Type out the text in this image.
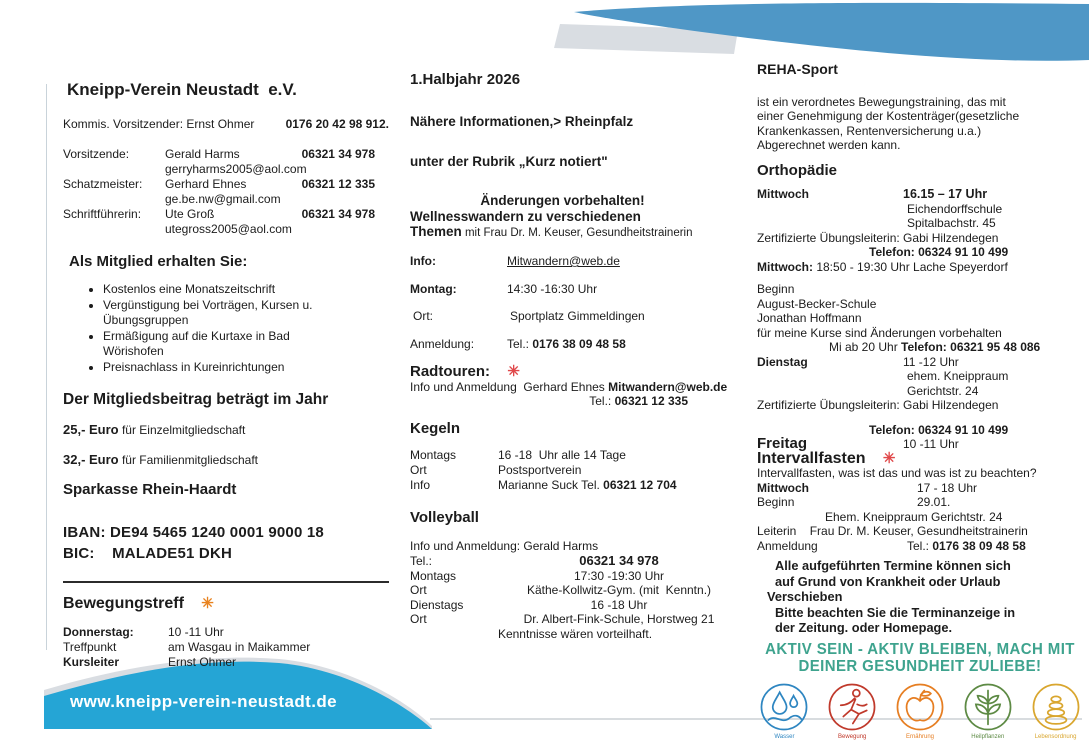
www.kneipp-verein-neustadt.de
Kneipp-Verein Neustadt  e.V.
Kommis. Vorsitzender: Ernst Ohmer	0176 20 42 98 912.
Vorsitzende:	Gerald Harms	06321 34 978
gerryharms2005@aol.com
Schatzmeister:	Gerhard Ehnes	06321 12 335
ge.be.nw@gmail.com
Schriftführerin:	Ute Groß	06321 34 978
utegross2005@aol.com
Als Mitglied erhalten Sie:
• Kostenlos eine Monatszeitschrift
• Vergünstigung bei Vorträgen, Kursen u. Übungsgruppen
• Ermäßigung auf die Kurtaxe in Bad Wörishofen
• Preisnachlass in Kureinrichtungen
Der Mitgliedsbeitrag beträgt im Jahr
25,- Euro für Einzelmitgliedschaft
32,- Euro für Familienmitgliedschaft
Sparkasse Rhein-Haardt
IBAN: DE94 5465 1240 0001 9000 18
BIC:    MALADE51 DKH
Bewegungstreff ✳
Donnerstag:	10 -11 Uhr
Treffpunkt	am Wasgau in Maikammer
Kursleiter	Ernst Ohmer
1.Halbjahr 2026
Nähere Informationen,> Rheinpfalz
unter der Rubrik „Kurz notiert"
Änderungen vorbehalten!
Wellnesswandern zu verschiedenen
Themen mit Frau Dr. M. Keuser, Gesundheitstrainerin
Info:	Mitwandern@web.de
Montag:	14:30 -16:30 Uhr
Ort:	Sportplatz Gimmeldingen
Anmeldung:	Tel.: 0176 38 09 48 58
Radtouren: ✳
Info und Anmeldung  Gerhard Ehnes Mitwandern@web.de
Tel.: 06321 12 335
Kegeln
Montags	16 -18  Uhr alle 14 Tage
Ort	Postsportverein
Info	Marianne Suck Tel. 06321 12 704
Volleyball
Info und Anmeldung: Gerald Harms
Tel.:	06321 34 978
Montags	17:30 -19:30 Uhr
Ort	Käthe-Kollwitz-Gym. (mit  Kenntn.)
Dienstags	16 -18 Uhr
Ort	Dr. Albert-Fink-Schule, Horstweg 21
Kenntnisse wären vorteilhaft.
REHA-Sport
ist ein verordnetes Bewegungstraining, das mit einer Genehmigung der Kostenträger(gesetzliche Krankenkassen, Rentenversicherung u.a.) Abgerechnet werden kann.
Orthopädie
Mittwoch	16.15 – 17 Uhr
Eichendorffschule
Spitalbachstr. 45
Zertifizierte Übungsleiterin: Gabi Hilzendegen
Telefon: 06324 91 10 499
Mittwoch: 18:50 - 19:30 Uhr Lache Speyerdorf
Beginn
August-Becker-Schule
Jonathan Hoffmann
für meine Kurse sind Änderungen vorbehalten
Mi ab 20 Uhr Telefon: 06321 95 48 086
Dienstag	11 -12 Uhr
ehem. Kneippraum
Gerichtstr. 24
Zertifizierte Übungsleiterin: Gabi Hilzendegen
Telefon: 06324 91 10 499
Freitag	10 -11 Uhr
Intervallfasten ✳
Intervallfasten, was ist das und was ist zu beachten?
Mittwoch	17 - 18 Uhr
Beginn	29.01.
Ehem. Kneippraum Gerichtstr. 24
Leiterin    Frau Dr. M. Keuser, Gesundheitstrainerin
Anmeldung	Tel.: 0176 38 09 48 58
Alle aufgeführten Termine können sich
auf Grund von Krankheit oder Urlaub
Verschieben
Bitte beachten Sie die Terminanzeige in
der Zeitung. oder Homepage.
AKTIV SEIN - AKTIV BLEIBEN, MACH MIT
DEINER GESUNDHEIT ZULIEBE!
Wasser	Bewegung	Ernährung	Heilpflanzen	Lebensordnung
